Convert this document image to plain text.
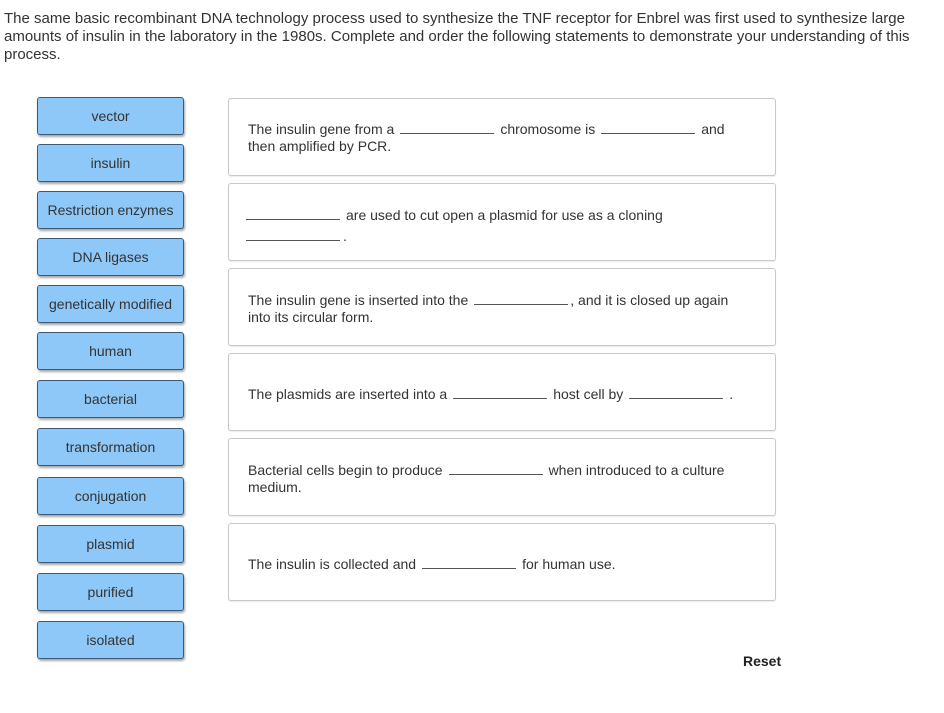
The same basic recombinant DNA technology process used to synthesize the TNF receptor for Enbrel was first used to synthesize large amounts of insulin in the laboratory in the 1980s. Complete and order the following statements to demonstrate your understanding of this process.
vector
insulin
Restriction enzymes
DNA ligases
genetically modified
human
bacterial
transformation
conjugation
plasmid
purified
isolated
The insulin gene from a	chromosome is	and
then amplified by PCR.
are used to cut open a plasmid for use as a cloning
.
The insulin gene is inserted into the	, and it is closed up again
into its circular form.
The plasmids are inserted into a	host cell by	.
Bacterial cells begin to produce	when introduced to a culture
medium.
The insulin is collected and	for human use.
Reset
